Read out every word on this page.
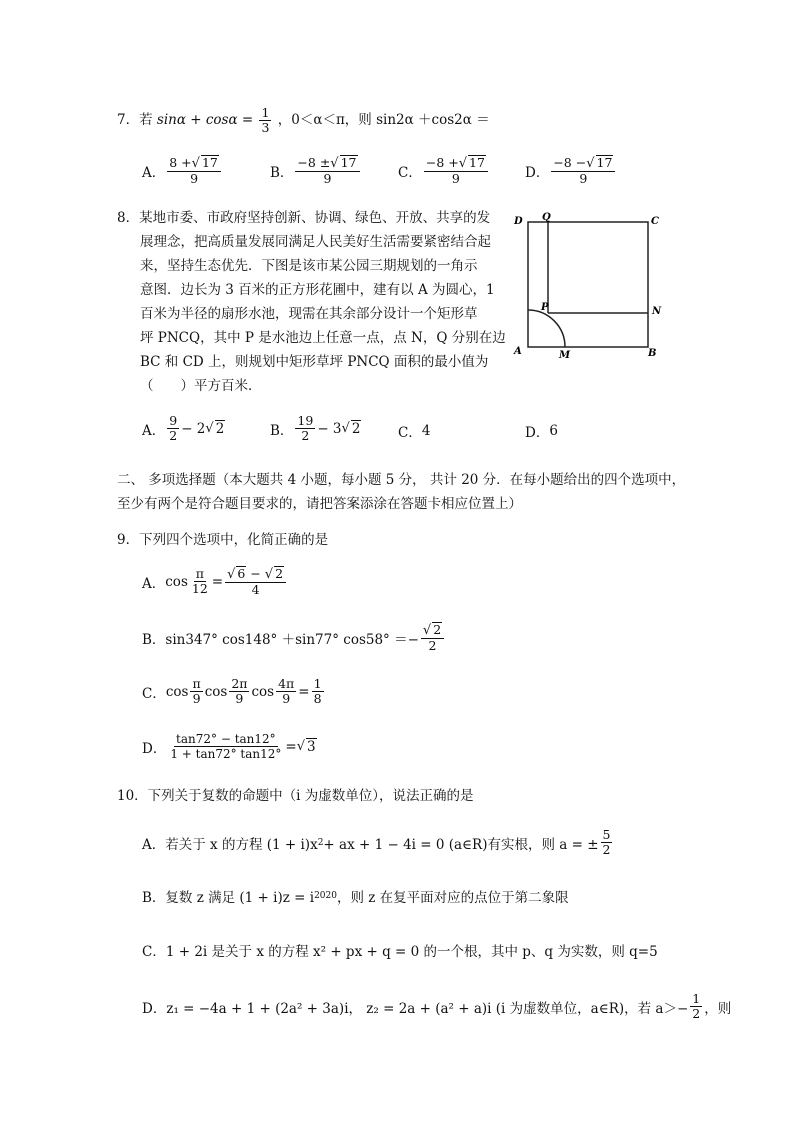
7．若 $\sin\alpha + \cos\alpha = \frac{1}{3}$ ，0＜α＜π，则 sin2α ＋cos2α ＝
A． $\frac{8 +√ 17}{9}$	B． $\frac{-8 \pm√ 17}{9}$	C． $\frac{-8 +√ 17}{9}$	D． $\frac{-8 -√ 17}{9}$
8．某地市委、市政府坚持创新、协调、绿色、开放、共享的发
展理念，把高质量发展同满足人民美好生活需要紧密结合起
来，坚持生态优先．下图是该市某公园三期规划的一角示
意图．边长为 3 百米的正方形花圃中，建有以 A 为圆心，1
百米为半径的扇形水池，现需在其余部分设计一个矩形草
坪 PNCQ，其中 P 是水池边上任意一点，点 N，Q 分别在边
BC 和 CD 上，则规划中矩形草坪 PNCQ 面积的最小值为
（　　）平方百米．
D Q	C
P	N
A	M	B
A． $\frac{9}{2} - 2$ √ 2	B． $\frac{19}{2} - 3$ √ 2	C． 4	D． 6
二、 多项选择题（本大题共 4 小题，每小题 5 分， 共计 20 分．在每小题给出的四个选项中，
至少有两个是符合题目要求的，请把答案添涂在答题卡相应位置上）
9．下列四个选项中，化简正确的是
A． $\cos \frac{\pi}{12} = \frac{√ 6 - √ 2}{4}$
B． sin347° cos148° ＋sin77° $\cos 58^\circ =- \frac{√ 2}{2}$
C． $\cos \frac{\pi}{9}$ $\cos \frac{2\pi}{9}$ $\cos \frac{4\pi}{9} = \frac{1}{8}$
D． $\frac{\tan 72^\circ - \tan 12^\circ}{1 + \tan 72^\circ \tan 12^\circ}$ = √ 3
10．下列关于复数的命题中（i 为虚数单位），说法正确的是
A． 若关于 x 的方程 (1 + i)x 2 + ax + 1 − 4i = 0 (a∈R)有实根，则 a = ± $\frac{5}{2}$
B． 复数 z 满足 (1 + i)z = i 2020 ，则 z 在复平面对应的点位于第二象限
C． 1 + 2i 是关于 x 的方程 x² + px + q = 0 的一个根，其中 p、q 为实数，则 q=5
D． z₁ = −4a + 1 + (2a² + 3a)i， z₂ = 2a + (a² + a)i (i 为虚数单位，a∈R)，若 $a>- \frac{1}{2}$ ，则
